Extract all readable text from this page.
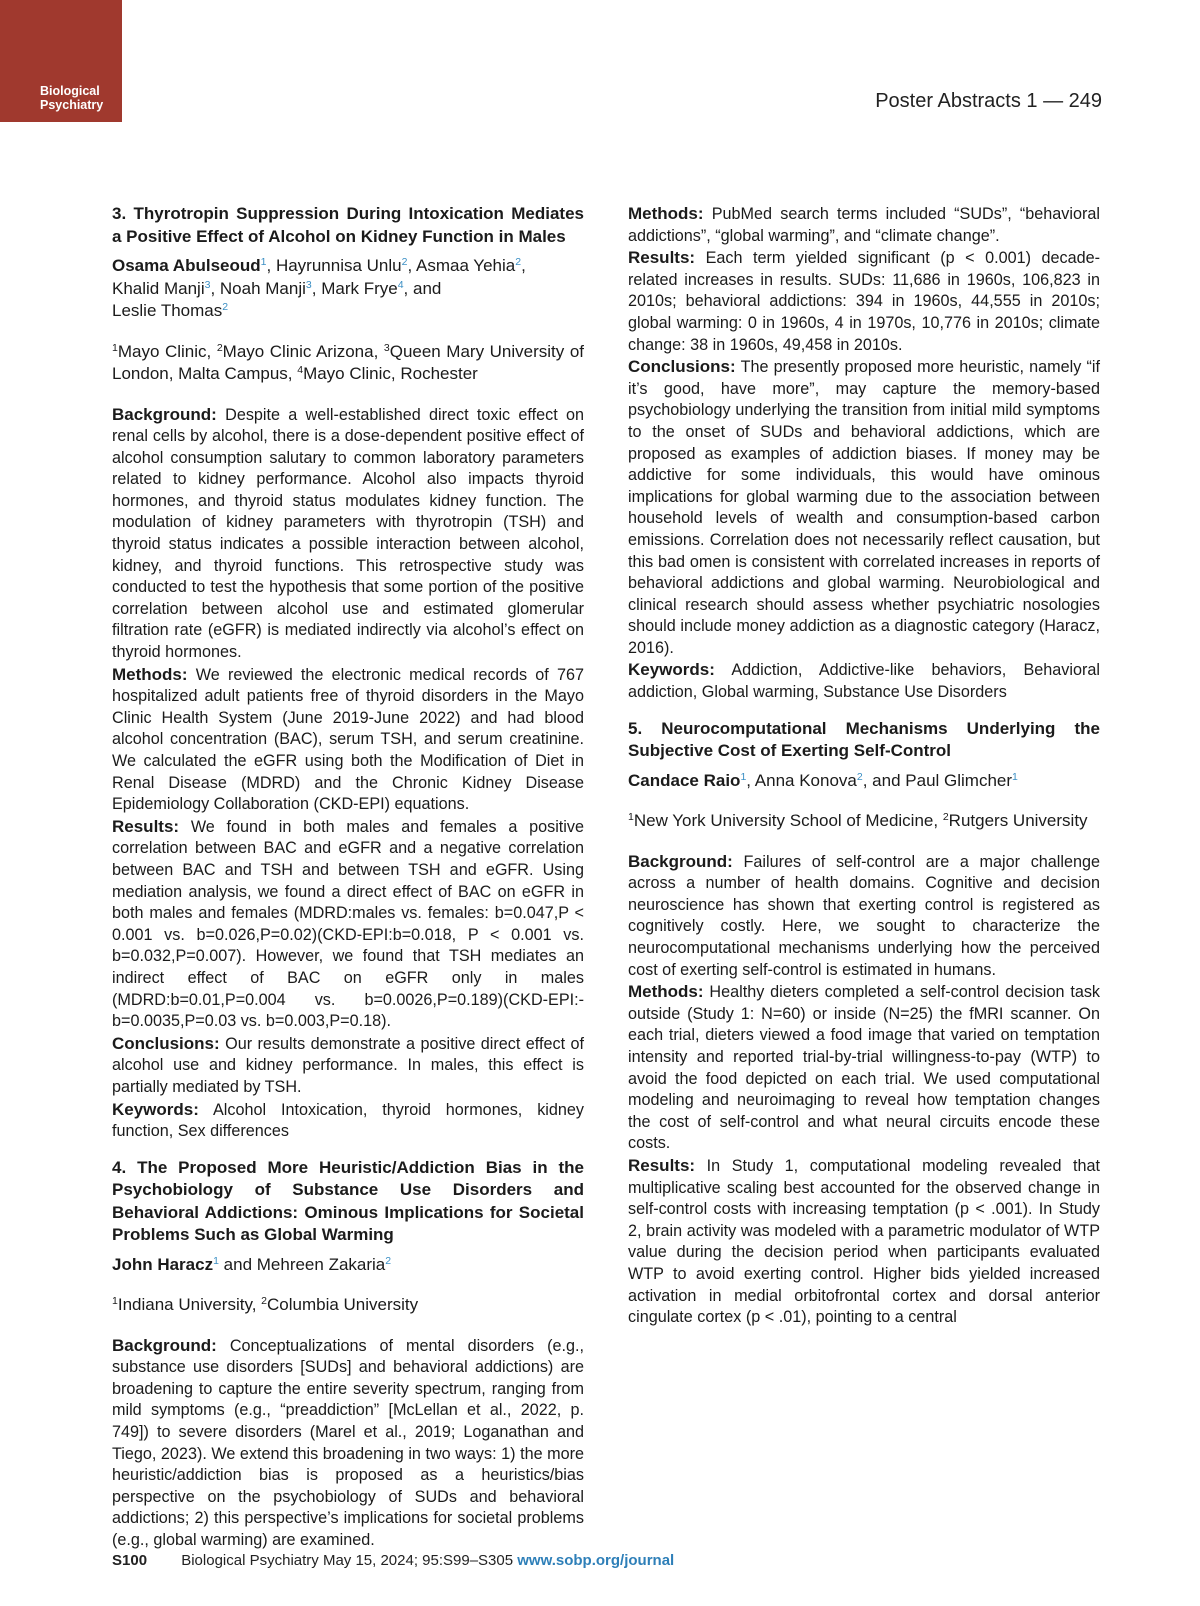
Biological
Psychiatry	Poster Abstracts 1 — 249

3. Thyrotropin Suppression During Intoxication Mediates a Positive Effect of Alcohol on Kidney Function in Males

Osama Abulseoud$^1$, Hayrunnisa Unlu$^2$, Asmaa Yehia$^2$,
Khalid Manji$^3$, Noah Manji$^3$, Mark Frye$^4$, and
Leslie Thomas$^2$

$^1$Mayo Clinic, $^2$Mayo Clinic Arizona, $^3$Queen Mary University of London, Malta Campus, $^4$Mayo Clinic, Rochester

Background: Despite a well-established direct toxic effect on renal cells by alcohol, there is a dose-dependent positive effect of alcohol consumption salutary to common laboratory parameters related to kidney performance. Alcohol also impacts thyroid hormones, and thyroid status modulates kidney function. The modulation of kidney parameters with thyrotropin (TSH) and thyroid status indicates a possible interaction between alcohol, kidney, and thyroid functions. This retrospective study was conducted to test the hypothesis that some portion of the positive correlation between alcohol use and estimated glomerular filtration rate (eGFR) is mediated indirectly via alcohol’s effect on thyroid hormones.

Methods: We reviewed the electronic medical records of 767 hospitalized adult patients free of thyroid disorders in the Mayo Clinic Health System (June 2019-June 2022) and had blood alcohol concentration (BAC), serum TSH, and serum creatinine. We calculated the eGFR using both the Modification of Diet in Renal Disease (MDRD) and the Chronic Kidney Disease Epidemiology Collaboration (CKD-EPI) equations.

Results: We found in both males and females a positive correlation between BAC and eGFR and a negative correlation between BAC and TSH and between TSH and eGFR. Using mediation analysis, we found a direct effect of BAC on eGFR in both males and females (MDRD:males vs. females: b=0.047,P < 0.001 vs. b=0.026,P=0.02)(CKD-EPI:b=0.018, P < 0.001 vs. b=0.032,P=0.007). However, we found that TSH mediates an indirect effect of BAC on eGFR only in males (MDRD:b=0.01,P=0.004 vs. b=0.0026,P=0.189)(CKD-EPI:-b=0.0035,P=0.03 vs. b=0.003,P=0.18).

Conclusions: Our results demonstrate a positive direct effect of alcohol use and kidney performance. In males, this effect is partially mediated by TSH.

Keywords: Alcohol Intoxication, thyroid hormones, kidney function, Sex differences

4. The Proposed More Heuristic/Addiction Bias in the Psychobiology of Substance Use Disorders and Behavioral Addictions: Ominous Implications for Societal Problems Such as Global Warming

John Haracz$^1$ and Mehreen Zakaria$^2$

$^1$Indiana University, $^2$Columbia University

Background: Conceptualizations of mental disorders (e.g., substance use disorders [SUDs] and behavioral addictions) are broadening to capture the entire severity spectrum, ranging from mild symptoms (e.g., “preaddiction” [McLellan et al., 2022, p. 749]) to severe disorders (Marel et al., 2019; Loganathan and Tiego, 2023). We extend this broadening in two ways: 1) the more heuristic/addiction bias is proposed as a heuristics/bias perspective on the psychobiology of SUDs and behavioral addictions; 2) this perspective’s implications for societal problems (e.g., global warming) are examined.

Methods: PubMed search terms included “SUDs”, “behavioral addictions”, “global warming”, and “climate change”.

Results: Each term yielded significant (p < 0.001) decade-related increases in results. SUDs: 11,686 in 1960s, 106,823 in 2010s; behavioral addictions: 394 in 1960s, 44,555 in 2010s; global warming: 0 in 1960s, 4 in 1970s, 10,776 in 2010s; climate change: 38 in 1960s, 49,458 in 2010s.

Conclusions: The presently proposed more heuristic, namely “if it’s good, have more”, may capture the memory-based psychobiology underlying the transition from initial mild symptoms to the onset of SUDs and behavioral addictions, which are proposed as examples of addiction biases. If money may be addictive for some individuals, this would have ominous implications for global warming due to the association between household levels of wealth and consumption-based carbon emissions. Correlation does not necessarily reflect causation, but this bad omen is consistent with correlated increases in reports of behavioral addictions and global warming. Neurobiological and clinical research should assess whether psychiatric nosologies should include money addiction as a diagnostic category (Haracz, 2016).

Keywords: Addiction, Addictive-like behaviors, Behavioral addiction, Global warming, Substance Use Disorders

5. Neurocomputational Mechanisms Underlying the Subjective Cost of Exerting Self-Control

Candace Raio$^1$, Anna Konova$^2$, and Paul Glimcher$^1$

$^1$New York University School of Medicine, $^2$Rutgers University

Background: Failures of self-control are a major challenge across a number of health domains. Cognitive and decision neuroscience has shown that exerting control is registered as cognitively costly. Here, we sought to characterize the neurocomputational mechanisms underlying how the perceived cost of exerting self-control is estimated in humans.

Methods: Healthy dieters completed a self-control decision task outside (Study 1: N=60) or inside (N=25) the fMRI scanner. On each trial, dieters viewed a food image that varied on temptation intensity and reported trial-by-trial willingness-to-pay (WTP) to avoid the food depicted on each trial. We used computational modeling and neuroimaging to reveal how temptation changes the cost of self-control and what neural circuits encode these costs.

Results: In Study 1, computational modeling revealed that multiplicative scaling best accounted for the observed change in self-control costs with increasing temptation (p < .001). In Study 2, brain activity was modeled with a parametric modulator of WTP value during the decision period when participants evaluated WTP to avoid exerting control. Higher bids yielded increased activation in medial orbitofrontal cortex and dorsal anterior cingulate cortex (p < .01), pointing to a central

S100 Biological Psychiatry May 15, 2024; 95:S99–S305 www.sobp.org/journal
